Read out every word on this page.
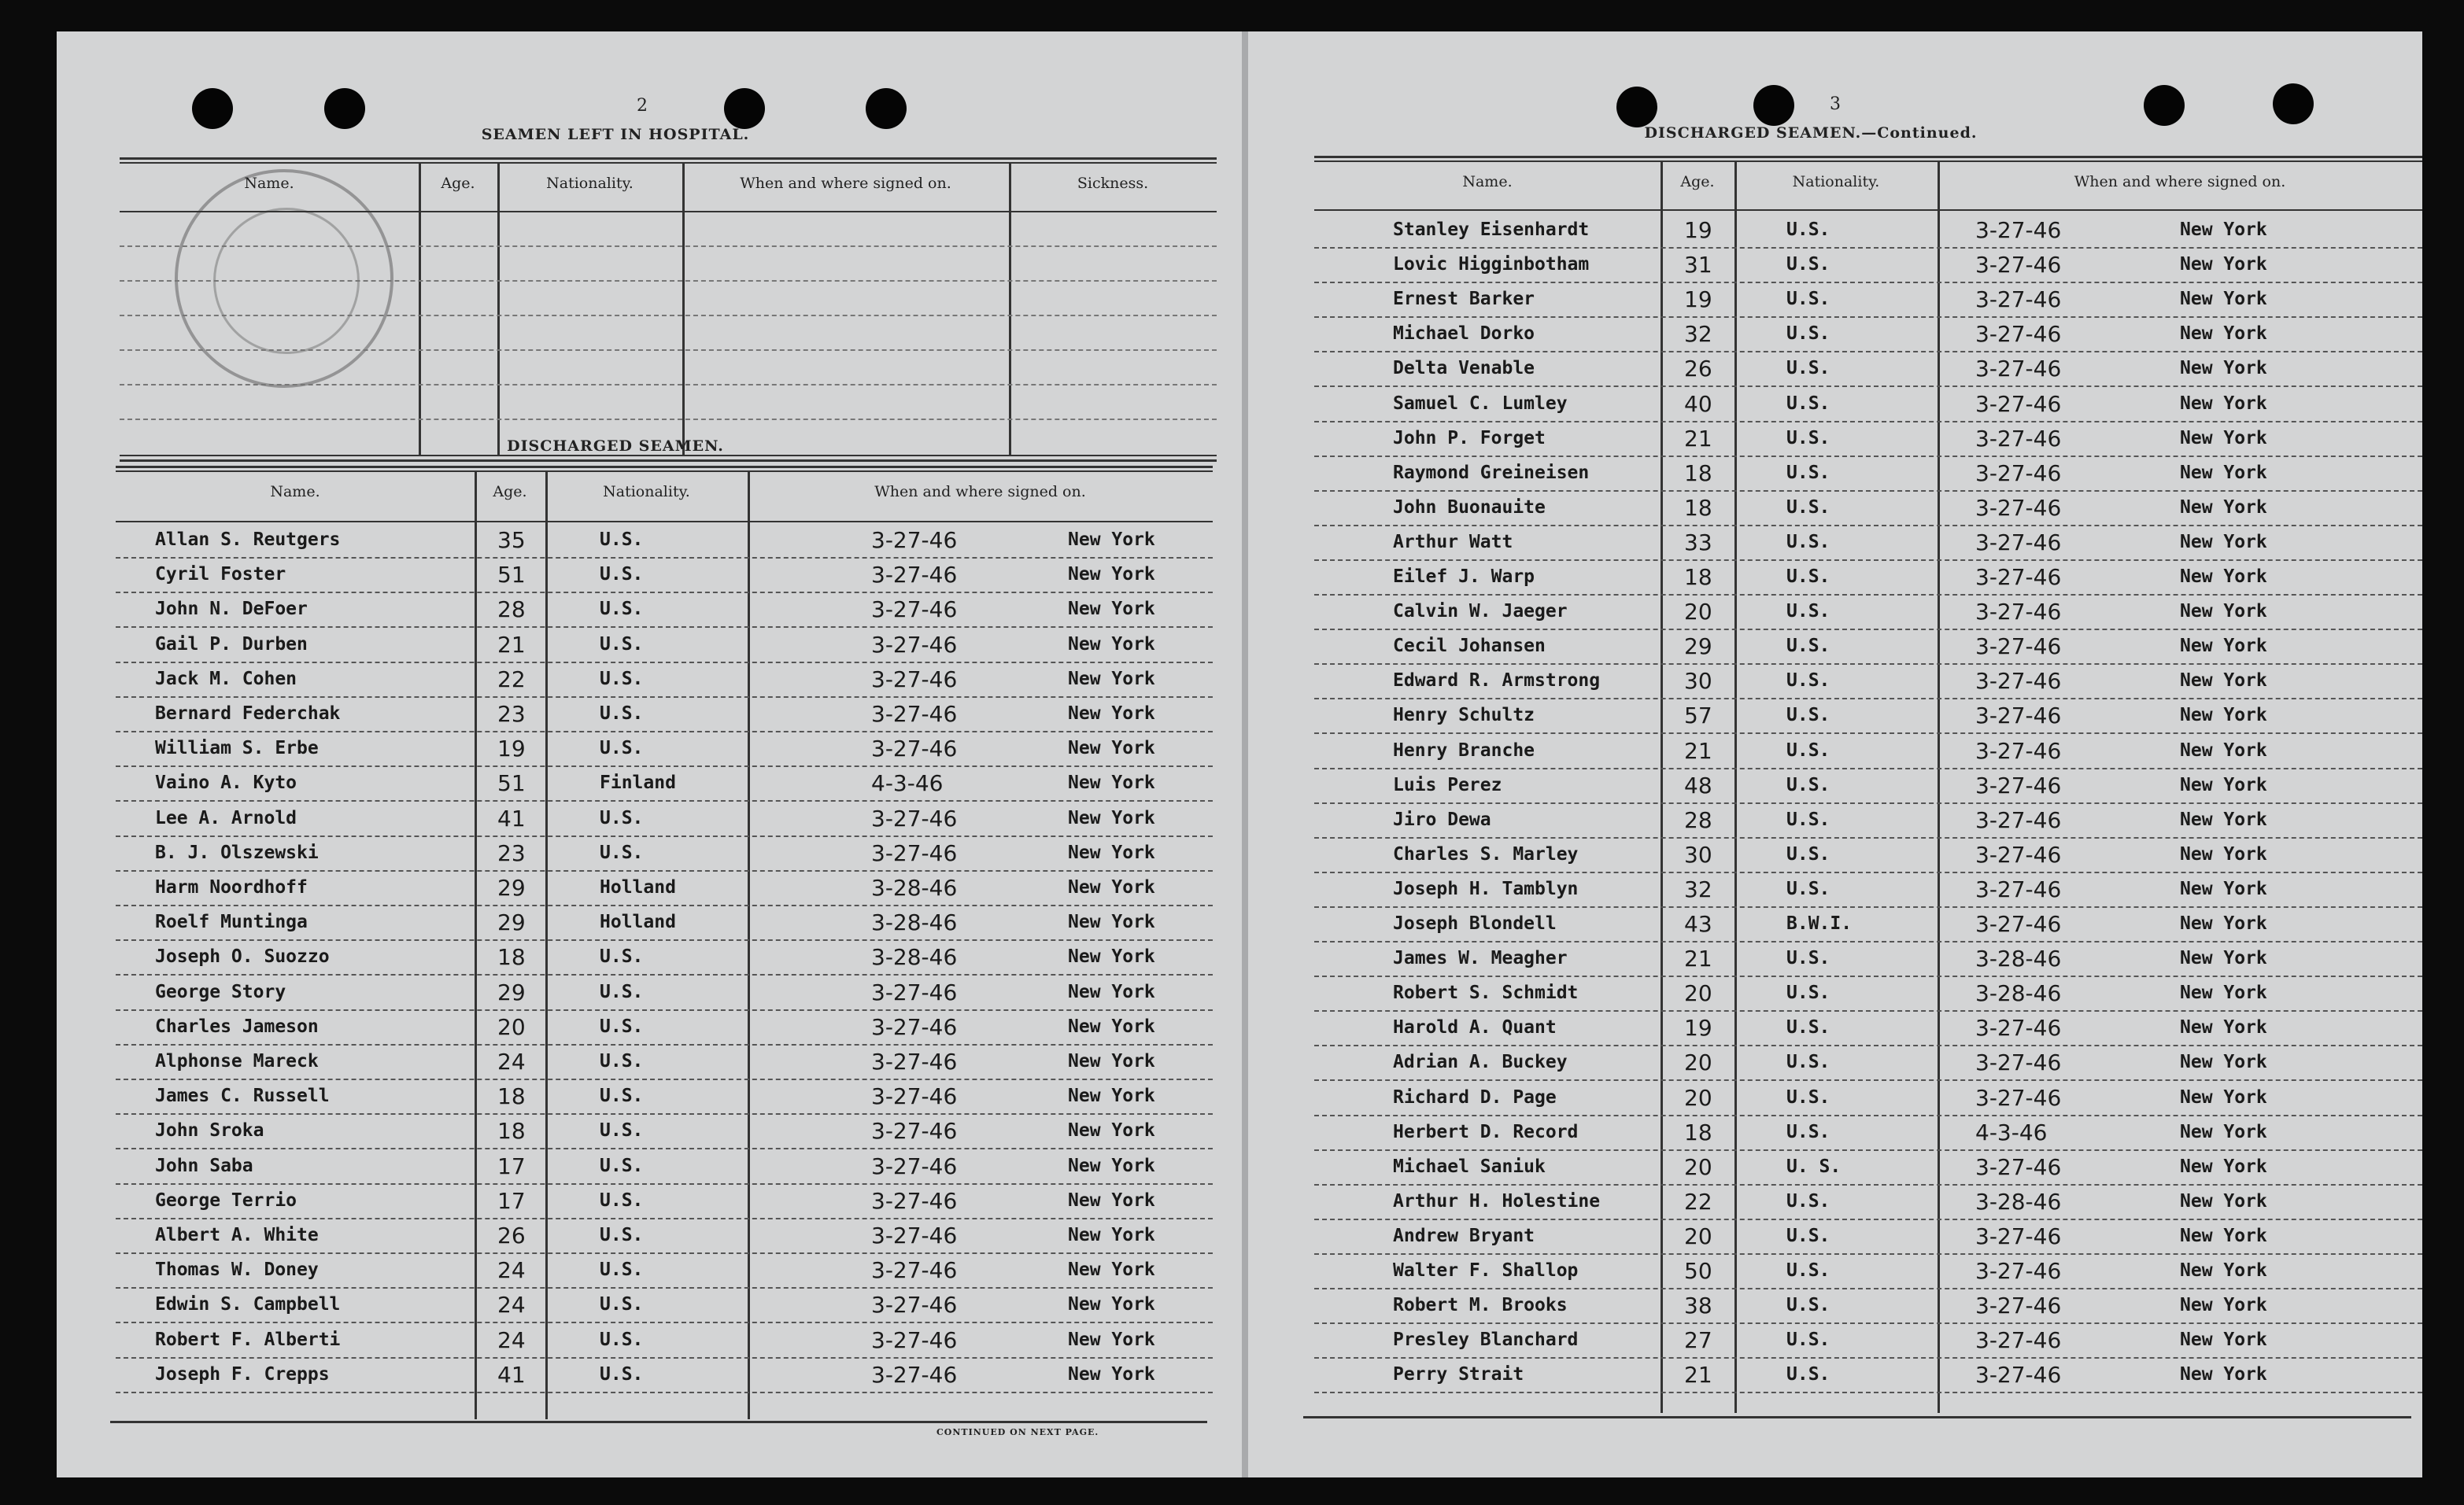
2
SEAMEN LEFT IN HOSPITAL.
Name.	Age.	Nationality.	When and where signed on.	Sickness.
DISCHARGED SEAMEN.
Name.	Age.	Nationality.	When and where signed on.
Allan S. Reutgers	35	U.S.	3-27-46	New York
Cyril Foster	51	U.S.	3-27-46	New York
John N. DeFoer	28	U.S.	3-27-46	New York
Gail P. Durben	21	U.S.	3-27-46	New York
Jack M. Cohen	22	U.S.	3-27-46	New York
Bernard Federchak	23	U.S.	3-27-46	New York
William S. Erbe	19	U.S.	3-27-46	New York
Vaino A. Kyto	51	Finland	4-3-46	New York
Lee A. Arnold	41	U.S.	3-27-46	New York
B. J. Olszewski	23	U.S.	3-27-46	New York
Harm Noordhoff	29	Holland	3-28-46	New York
Roelf Muntinga	29	Holland	3-28-46	New York
Joseph O. Suozzo	18	U.S.	3-28-46	New York
George Story	29	U.S.	3-27-46	New York
Charles Jameson	20	U.S.	3-27-46	New York
Alphonse Mareck	24	U.S.	3-27-46	New York
James C. Russell	18	U.S.	3-27-46	New York
John Sroka	18	U.S.	3-27-46	New York
John Saba	17	U.S.	3-27-46	New York
George Terrio	17	U.S.	3-27-46	New York
Albert A. White	26	U.S.	3-27-46	New York
Thomas W. Doney	24	U.S.	3-27-46	New York
Edwin S. Campbell	24	U.S.	3-27-46	New York
Robert F. Alberti	24	U.S.	3-27-46	New York
Joseph F. Crepps	41	U.S.	3-27-46	New York
CONTINUED ON NEXT PAGE.
3
DISCHARGED SEAMEN.—Continued.
Name.	Age.	Nationality.	When and where signed on.
Stanley Eisenhardt	19	U.S.	3-27-46	New York
Lovic Higginbotham	31	U.S.	3-27-46	New York
Ernest Barker	19	U.S.	3-27-46	New York
Michael Dorko	32	U.S.	3-27-46	New York
Delta Venable	26	U.S.	3-27-46	New York
Samuel C. Lumley	40	U.S.	3-27-46	New York
John P. Forget	21	U.S.	3-27-46	New York
Raymond Greineisen	18	U.S.	3-27-46	New York
John Buonauite	18	U.S.	3-27-46	New York
Arthur Watt	33	U.S.	3-27-46	New York
Eilef J. Warp	18	U.S.	3-27-46	New York
Calvin W. Jaeger	20	U.S.	3-27-46	New York
Cecil Johansen	29	U.S.	3-27-46	New York
Edward R. Armstrong	30	U.S.	3-27-46	New York
Henry Schultz	57	U.S.	3-27-46	New York
Henry Branche	21	U.S.	3-27-46	New York
Luis Perez	48	U.S.	3-27-46	New York
Jiro Dewa	28	U.S.	3-27-46	New York
Charles S. Marley	30	U.S.	3-27-46	New York
Joseph H. Tamblyn	32	U.S.	3-27-46	New York
Joseph Blondell	43	B.W.I.	3-27-46	New York
James W. Meagher	21	U.S.	3-28-46	New York
Robert S. Schmidt	20	U.S.	3-28-46	New York
Harold A. Quant	19	U.S.	3-27-46	New York
Adrian A. Buckey	20	U.S.	3-27-46	New York
Richard D. Page	20	U.S.	3-27-46	New York
Herbert D. Record	18	U.S.	4-3-46	New York
Michael Saniuk	20	U. S.	3-27-46	New York
Arthur H. Holestine	22	U.S.	3-28-46	New York
Andrew Bryant	20	U.S.	3-27-46	New York
Walter F. Shallop	50	U.S.	3-27-46	New York
Robert M. Brooks	38	U.S.	3-27-46	New York
Presley Blanchard	27	U.S.	3-27-46	New York
Perry Strait	21	U.S.	3-27-46	New York
